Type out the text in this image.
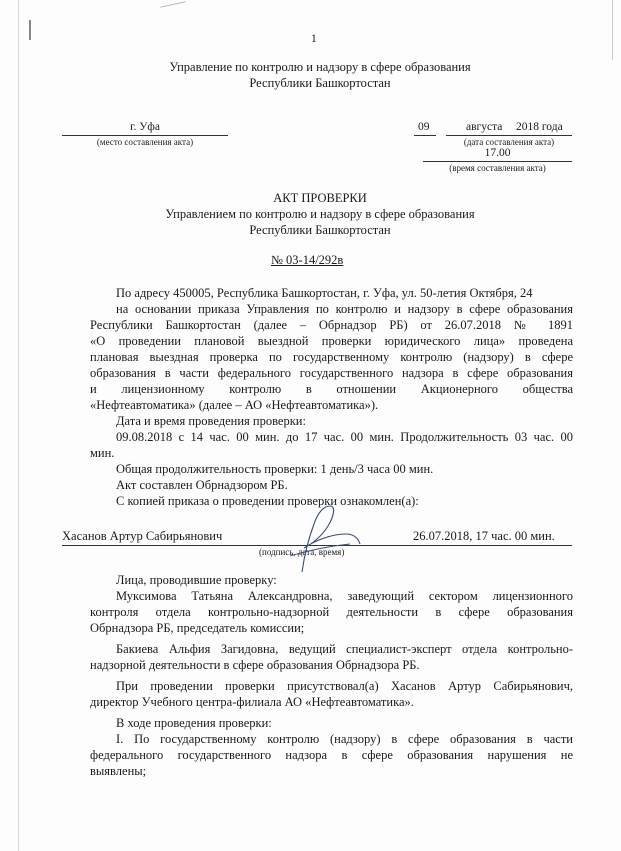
1
Управление по контролю и надзору в сфере образования
Республики Башкортостан
г. Уфа
(место составления акта)
09	августа 2018 года
(дата составления акта)
17.00
(время составления акта)
АКТ ПРОВЕРКИ
Управлением по контролю и надзору в сфере образования
Республики Башкортостан
№ 03-14/292в
По адресу 450005, Республика Башкортостан, г. Уфа, ул. 50-летия Октября, 24
на основании приказа Управления по контролю и надзору в сфере образования
Республики Башкортостан (далее – Обрнадзор РБ) от 26.07.2018 № 1891
«О проведении плановой выездной проверки юридического лица» проведена
плановая выездная проверка по государственному контролю (надзору) в сфере
образования в части федерального государственного надзора в сфере образования
и лицензионному контролю в отношении Акционерного общества
«Нефтеавтоматика» (далее – АО «Нефтеавтоматика»).
Дата и время проведения проверки:
09.08.2018 с 14 час. 00 мин. до 17 час. 00 мин. Продолжительность 03 час. 00
мин.
Общая продолжительность проверки: 1 день/3 часа 00 мин.
Акт составлен Обрнадзором РБ.
С копией приказа о проведении проверки ознакомлен(а):
Хасанов Артур Сабирьянович	26.07.2018, 17 час. 00 мин.
(подпись, дата, время)
Лица, проводившие проверку:
Муксимова Татьяна Александровна, заведующий сектором лицензионного
контроля отдела контрольно-надзорной деятельности в сфере образования
Обрнадзора РБ, председатель комиссии;
Бакиева Альфия Загидовна, ведущий специалист-эксперт отдела контрольно-
надзорной деятельности в сфере образования Обрнадзора РБ.
При проведении проверки присутствовал(а) Хасанов Артур Сабирьянович,
директор Учебного центра-филиала АО «Нефтеавтоматика».
В ходе проведения проверки:
I. По государственному контролю (надзору) в сфере образования в части
федерального государственного надзора в сфере образования нарушения не
выявлены;
